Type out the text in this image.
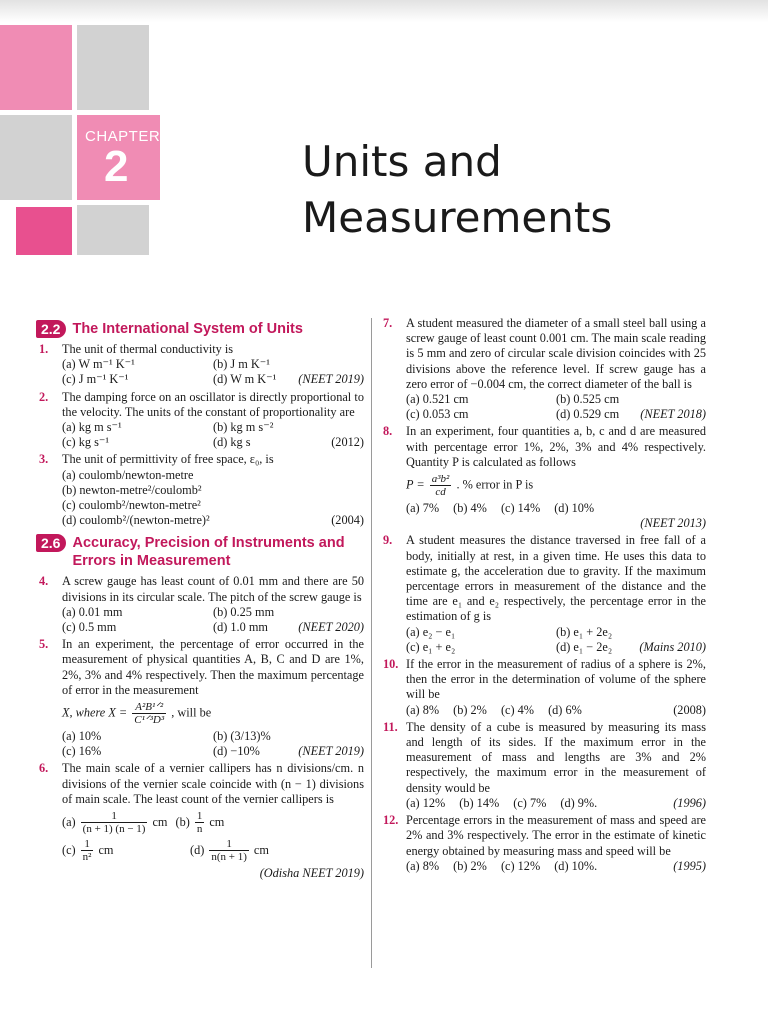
CHAPTER
2	Units and
Measurements
2.2 The International System of Units
1.	The unit of thermal conductivity is
(a) W m⁻¹ K⁻¹	(b) J m K⁻¹
(c) J m⁻¹ K⁻¹	(d) W m K⁻¹ (NEET 2019)
2.	The damping force on an oscillator is directly proportional to the velocity. The units of the constant of proportionality are
(a) kg m s⁻¹	(b) kg m s⁻²
(c) kg s⁻¹	(d) kg s	(2012)
3.	The unit of permittivity of free space, ε₀, is
(a) coulomb/newton-metre
(b) newton-metre²/coulomb²
(c) coulomb²/newton-metre²
(d) coulomb²/(newton-metre)²	(2004)
2.6 Accuracy, Precision of Instruments and Errors in Measurement
4.	A screw gauge has least count of 0.01 mm and there are 50 divisions in its circular scale. The pitch of the screw gauge is
(a) 0.01 mm	(b) 0.25 mm
(c) 0.5 mm	(d) 1.0 mm (NEET 2020)
5.	In an experiment, the percentage of error occurred in the measurement of physical quantities A, B, C and D are 1%, 2%, 3% and 4% respectively. Then the maximum percentage of error in the measurement
X, where $X = \frac{\text{A²B¹ᐟ²}}{\text{C¹ᐟ³D³}}$ , will be
(a) 10%	(b) (3/13)%
(c) 16%	(d) −10%	(NEET 2019)
6.	The main scale of a vernier callipers has n divisions/cm. n divisions of the vernier scale coincide with (n − 1) divisions of main scale. The least count of the vernier callipers is
$(a) \frac{1}{(n + 1) (n - 1)}$ cm $(b) \frac{1}{n}$ cm
$(c) \frac{1}{\text{n²}}$ cm	$(d) \frac{1}{n(n + 1)}$ cm
(Odisha NEET 2019)
7.	A student measured the diameter of a small steel ball using a screw gauge of least count 0.001 cm. The main scale reading is 5 mm and zero of circular scale division coincides with 25 divisions above the reference level. If screw gauge has a zero error of −0.004 cm, the correct diameter of the ball is
(a) 0.521 cm	(b) 0.525 cm
(c) 0.053 cm	(d) 0.529 cm (NEET 2018)
8.	In an experiment, four quantities a, b, c and d are measured with percentage error 1%, 2%, 3% and 4% respectively. Quantity P is calculated as follows
$P = \frac{\text{a³b²}}{cd}$ . % error in P is
(a) 7% (b) 4% (c) 14% (d) 10%
(NEET 2013)
9.	A student measures the distance traversed in free fall of a body, initially at rest, in a given time. He uses this data to estimate g, the acceleration due to gravity. If the maximum percentage errors in measurement of the distance and the time are e₁ and e₂ respectively, the percentage error in the estimation of g is
(a) e₂ − e₁	(b) e₁ + 2e₂
(c) e₁ + e₂	(d) e₁ − 2e₂ (Mains 2010)
10. If the error in the measurement of radius of a sphere is 2%, then the error in the determination of volume of the sphere will be
(a) 8% (b) 2% (c) 4% (d) 6%	(2008)
11. The density of a cube is measured by measuring its mass and length of its sides. If the maximum error in the measurement of mass and lengths are 3% and 2% respectively, the maximum error in the measurement of density would be
(a) 12% (b) 14% (c) 7% (d) 9%.	(1996)
12. Percentage errors in the measurement of mass and speed are 2% and 3% respectively. The error in the estimate of kinetic energy obtained by measuring mass and speed will be
(a) 8% (b) 2% (c) 12% (d) 10%.	(1995)
